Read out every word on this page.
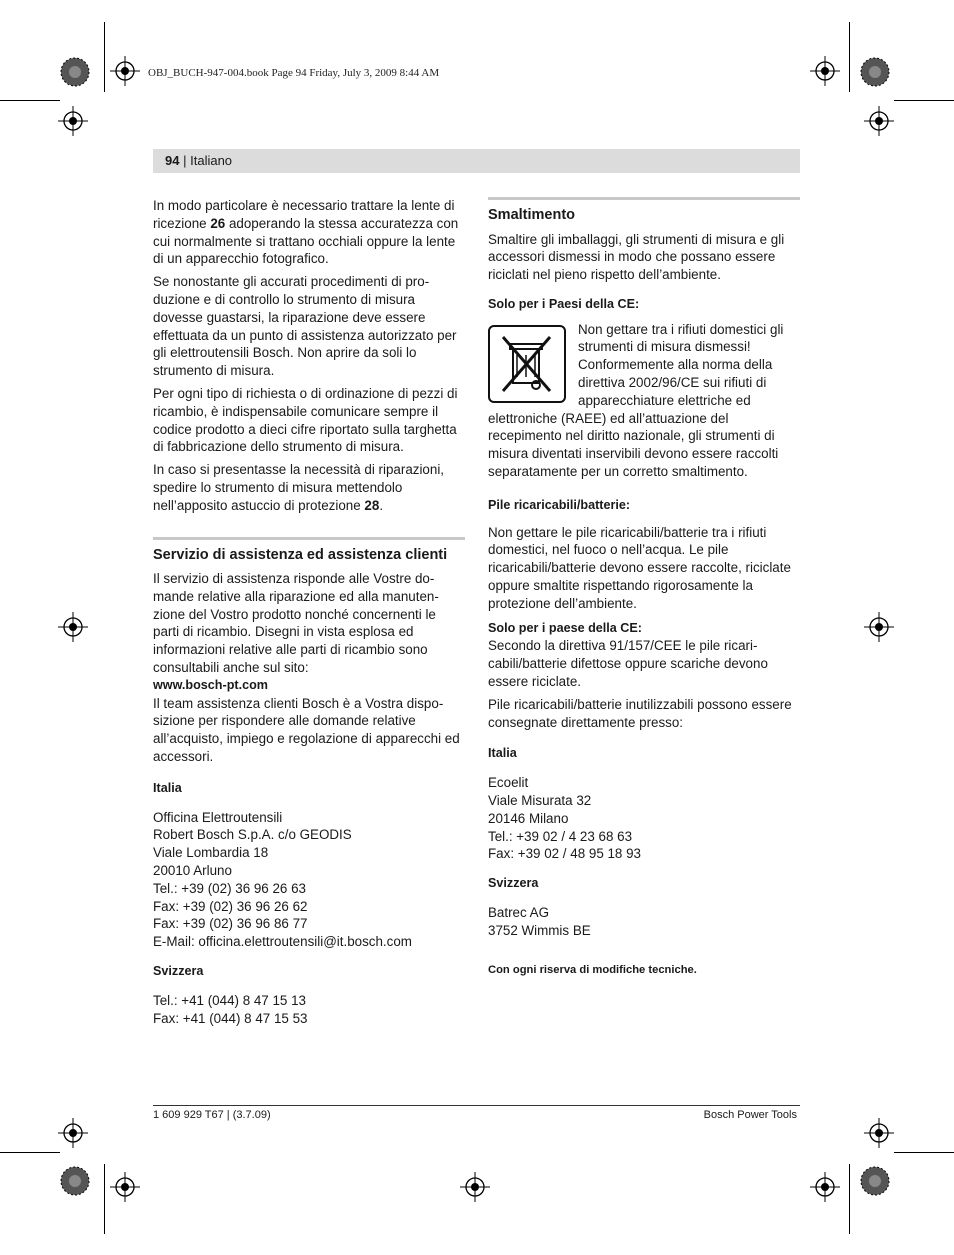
OBJ_BUCH-947-004.book Page 94 Friday, July 3, 2009 8:44 AM
94 | Italiano

In modo particolare è necessario trattare la lente di ricezione 26 adoperando la stessa accuratezza con cui normalmente si trattano occhiali oppure la lente di un apparecchio fotografico.

Se nonostante gli accurati procedimenti di produzione e di controllo lo strumento di misura dovesse guastarsi, la riparazione deve essere effettuata da un punto di assistenza autorizzato per gli elettroutensili Bosch. Non aprire da soli lo strumento di misura.

Per ogni tipo di richiesta o di ordinazione di pezzi di ricambio, è indispensabile comunicare sempre il codice prodotto a dieci cifre riportato sulla targhetta di fabbricazione dello strumento di misura.

In caso si presentasse la necessità di riparazioni, spedire lo strumento di misura mettendolo nell’apposito astuccio di protezione 28.

Servizio di assistenza ed assistenza clienti

Il servizio di assistenza risponde alle Vostre domande relative alla riparazione ed alla manutenzione del Vostro prodotto nonché concernenti le parti di ricambio. Disegni in vista esplosa ed informazioni relative alle parti di ricambio sono consultabili anche sul sito:

www.bosch-pt.com

Il team assistenza clienti Bosch è a Vostra disposizione per rispondere alle domande relative all’acquisto, impiego e regolazione di apparecchi ed accessori.

Italia
Officina Elettroutensili
Robert Bosch S.p.A. c/o GEODIS
Viale Lombardia 18
20010 Arluno
Tel.: +39 (02) 36 96 26 63
Fax: +39 (02) 36 96 26 62
Fax: +39 (02) 36 96 86 77
E-Mail: officina.elettroutensili@it.bosch.com
Svizzera
Tel.: +41 (044) 8 47 15 13
Fax: +41 (044) 8 47 15 53
Smaltimento

Smaltire gli imballaggi, gli strumenti di misura e gli accessori dismessi in modo che possano essere riciclati nel pieno rispetto dell’ambiente.

Solo per i Paesi della CE:

Non gettare tra i rifiuti domestici gli strumenti di misura dismessi! Conformemente alla norma della direttiva 2002/96/CE sui rifiuti di apparecchiature elettriche ed elettroniche (RAEE) ed all’attuazione del recepimento nel diritto nazionale, gli strumenti di misura diventati inservibili devono essere raccolti separatamente per un corretto smaltimento.

Pile ricaricabili/batterie:

Non gettare le pile ricaricabili/batterie tra i rifiuti domestici, nel fuoco o nell’acqua. Le pile ricaricabili/batterie devono essere raccolte, riciclate oppure smaltite rispettando rigorosamente la protezione dell’ambiente.

Solo per i paese della CE:

Secondo la direttiva 91/157/CEE le pile ricaricabili/batterie difettose oppure scariche devono essere riciclate.

Pile ricaricabili/batterie inutilizzabili possono essere consegnate direttamente presso:

Italia
Ecoelit
Viale Misurata 32
20146 Milano
Tel.: +39 02 / 4 23 68 63
Fax: +39 02 / 48 95 18 93
Svizzera
Batrec AG
3752 Wimmis BE
Con ogni riserva di modifiche tecniche.
1 609 929 T67 | (3.7.09)	Bosch Power Tools
